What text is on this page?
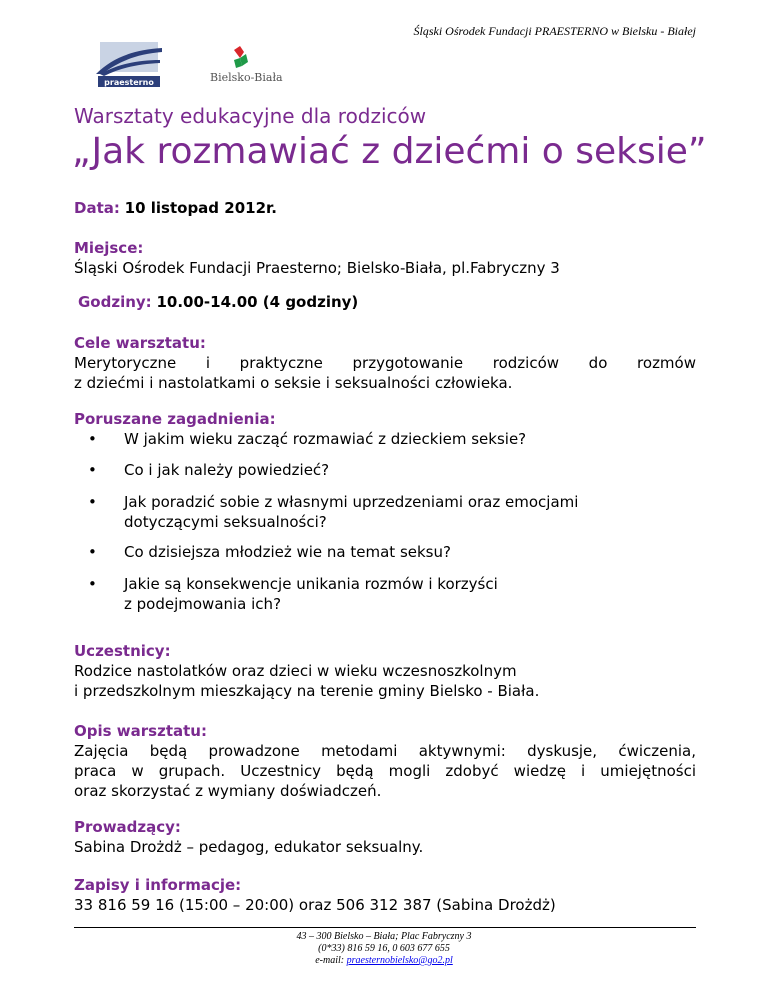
Śląski Ośrodek Fundacji PRAESTERNO w Bielsku - Białej
praesterno	Bielsko-Biała
Warsztaty edukacyjne dla rodziców
„Jak rozmawiać z dziećmi o seksie”
Data: 10 listopad 2012r.
Miejsce:
Śląski Ośrodek Fundacji Praesterno; Bielsko-Biała, pl.Fabryczny 3
Godziny: 10.00-14.00 (4 godziny)
Cele warsztatu:
Merytoryczne i praktyczne przygotowanie rodziców do rozmów
z dziećmi i nastolatkami o seksie i seksualności człowieka.
Poruszane zagadnienia:
• W jakim wieku zacząć rozmawiać z dzieckiem seksie?
• Co i jak należy powiedzieć?
• Jak poradzić sobie z własnymi uprzedzeniami oraz emocjami
dotyczącymi seksualności?
• Co dzisiejsza młodzież wie na temat seksu?
• Jakie są konsekwencje unikania rozmów i korzyści
z podejmowania ich?
Uczestnicy:
Rodzice nastolatków oraz dzieci w wieku wczesnoszkolnym
i przedszkolnym mieszkający na terenie gminy Bielsko - Biała.
Opis warsztatu:
Zajęcia będą prowadzone metodami aktywnymi: dyskusje, ćwiczenia,
praca w grupach. Uczestnicy będą mogli zdobyć wiedzę i umiejętności
oraz skorzystać z wymiany doświadczeń.
Prowadzący:
Sabina Drożdż – pedagog, edukator seksualny.
Zapisy i informacje:
33 816 59 16 (15:00 – 20:00) oraz 506 312 387 (Sabina Drożdż)
43 – 300 Bielsko – Biała; Plac Fabryczny 3
(0*33) 816 59 16, 0 603 677 655
e-mail: praesternobielsko@go2.pl
